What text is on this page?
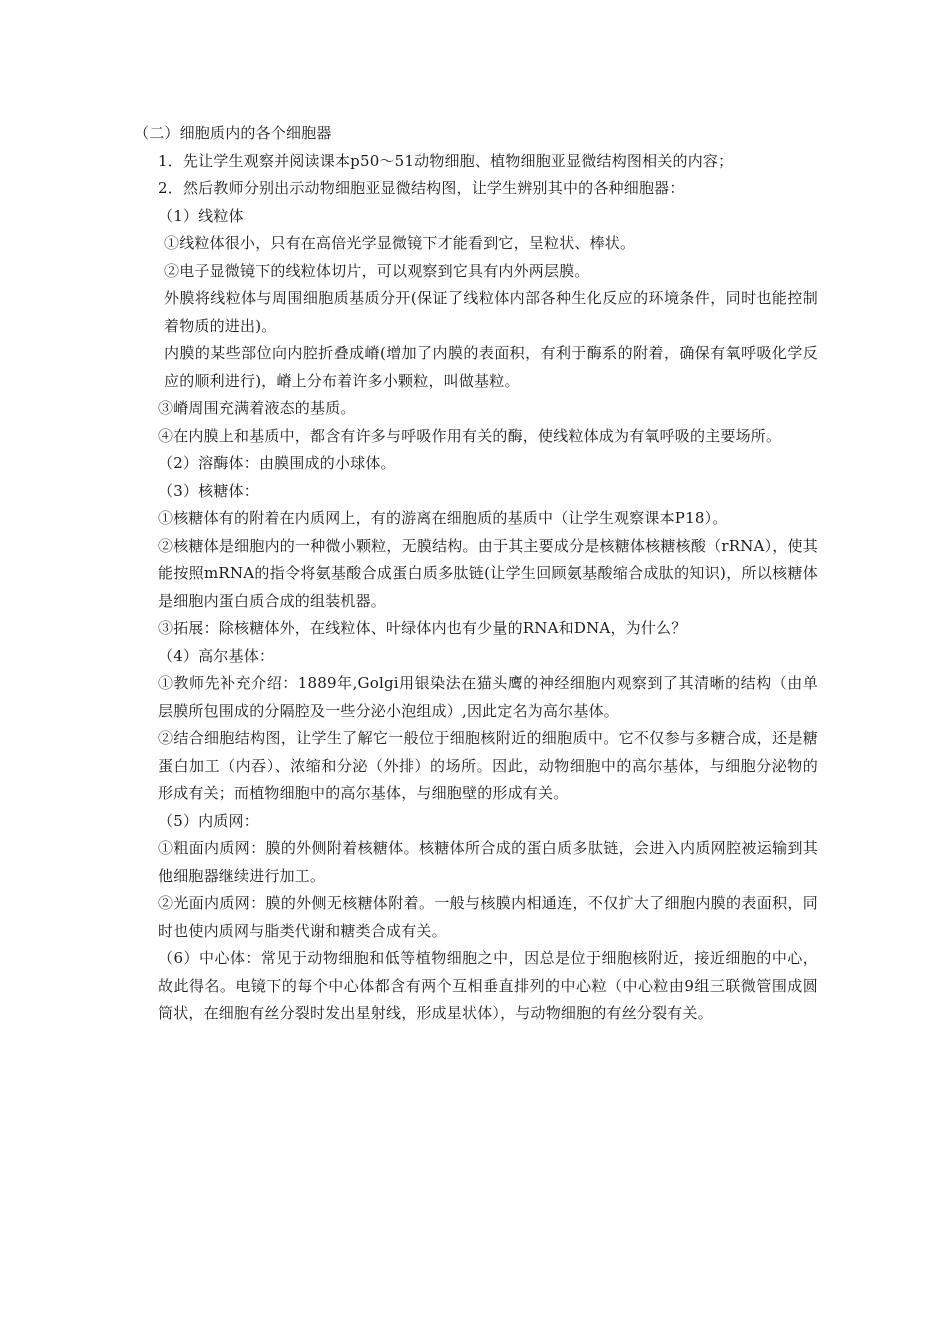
（二）细胞质内的各个细胞器

1．先让学生观察并阅读课本p50～51动物细胞、植物细胞亚显微结构图相关的内容；

2．然后教师分别出示动物细胞亚显微结构图，让学生辨别其中的各种细胞器：

（1）线粒体

①线粒体很小，只有在高倍光学显微镜下才能看到它，呈粒状、棒状。

②电子显微镜下的线粒体切片，可以观察到它具有内外两层膜。

外膜将线粒体与周围细胞质基质分开(保证了线粒体内部各种生化反应的环境条件，同时也能控制着物质的进出)。

内膜的某些部位向内腔折叠成嵴(增加了内膜的表面积，有利于酶系的附着，确保有氧呼吸化学反应的顺利进行)，嵴上分布着许多小颗粒，叫做基粒。

③嵴周围充满着液态的基质。

④在内膜上和基质中，都含有许多与呼吸作用有关的酶，使线粒体成为有氧呼吸的主要场所。

（2）溶酶体：由膜围成的小球体。

（3）核糖体：

①核糖体有的附着在内质网上，有的游离在细胞质的基质中（让学生观察课本P18）。

②核糖体是细胞内的一种微小颗粒，无膜结构。由于其主要成分是核糖体核糖核酸（rRNA），使其能按照mRNA的指令将氨基酸合成蛋白质多肽链(让学生回顾氨基酸缩合成肽的知识)，所以核糖体是细胞内蛋白质合成的组装机器。

③拓展：除核糖体外，在线粒体、叶绿体内也有少量的RNA和DNA，为什么？

（4）高尔基体：

①教师先补充介绍：1889年,Golgi用银染法在猫头鹰的神经细胞内观察到了其清晰的结构（由单层膜所包围成的分隔腔及一些分泌小泡组成）,因此定名为高尔基体。

②结合细胞结构图，让学生了解它一般位于细胞核附近的细胞质中。它不仅参与多糖合成，还是糖蛋白加工（内吞）、浓缩和分泌（外排）的场所。因此，动物细胞中的高尔基体，与细胞分泌物的形成有关；而植物细胞中的高尔基体，与细胞壁的形成有关。

（5）内质网：

①粗面内质网：膜的外侧附着核糖体。核糖体所合成的蛋白质多肽链，会进入内质网腔被运输到其他细胞器继续进行加工。

②光面内质网：膜的外侧无核糖体附着。一般与核膜内相通连，不仅扩大了细胞内膜的表面积，同时也使内质网与脂类代谢和糖类合成有关。

（6）中心体：常见于动物细胞和低等植物细胞之中，因总是位于细胞核附近，接近细胞的中心，故此得名。电镜下的每个中心体都含有两个互相垂直排列的中心粒（中心粒由9组三联微管围成圆筒状，在细胞有丝分裂时发出星射线，形成星状体），与动物细胞的有丝分裂有关。
